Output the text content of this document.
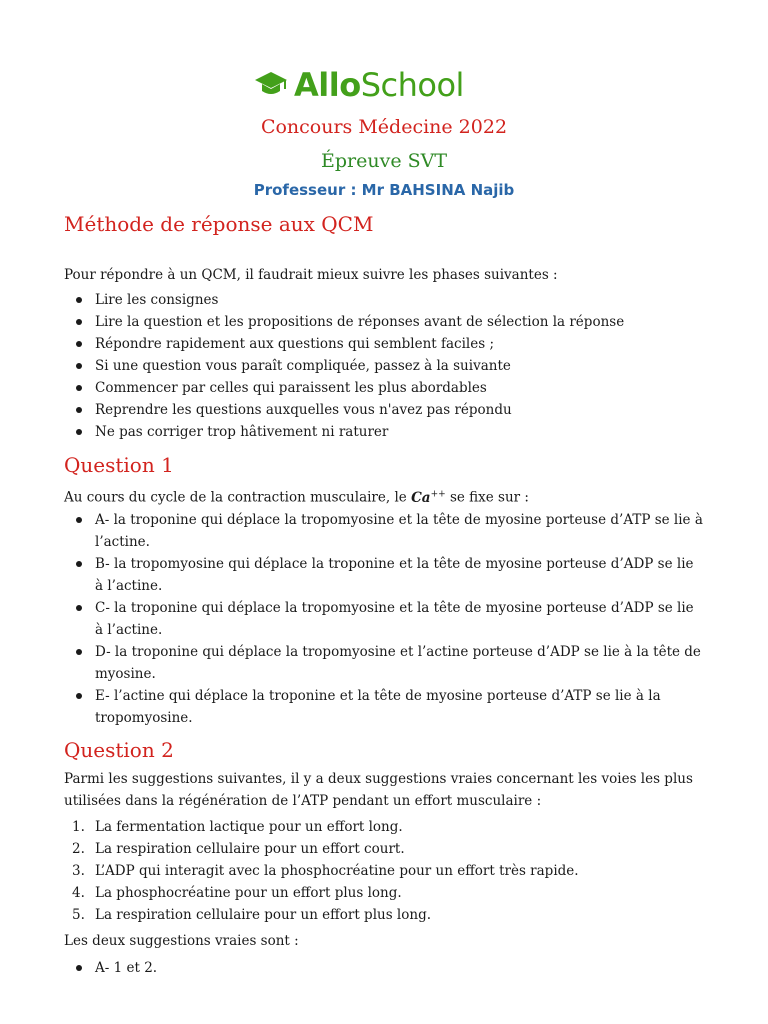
AlloSchool
Concours Médecine 2022
Épreuve SVT
Professeur : Mr BAHSINA Najib
Méthode de réponse aux QCM
Pour répondre à un QCM, il faudrait mieux suivre les phases suivantes :
Lire les consignes
Lire la question et les propositions de réponses avant de sélection la réponse
Répondre rapidement aux questions qui semblent faciles ;
Si une question vous paraît compliquée, passez à la suivante
Commencer par celles qui paraissent les plus abordables
Reprendre les questions auxquelles vous n'avez pas répondu
Ne pas corriger trop hâtivement ni raturer
Question 1
Au cours du cycle de la contraction musculaire, le Ca++ se fixe sur :
A- la troponine qui déplace la tropomyosine et la tête de myosine porteuse d’ATP se lie à l’actine.
B- la tropomyosine qui déplace la troponine et la tête de myosine porteuse d’ADP se lie à l’actine.
C- la troponine qui déplace la tropomyosine et la tête de myosine porteuse d’ADP se lie à l’actine.
D- la troponine qui déplace la tropomyosine et l’actine porteuse d’ADP se lie à la tête de myosine.
E- l’actine qui déplace la troponine et la tête de myosine porteuse d’ATP se lie à la tropomyosine.
Question 2
Parmi les suggestions suivantes, il y a deux suggestions vraies concernant les voies les plus utilisées dans la régénération de l’ATP pendant un effort musculaire :
1. La fermentation lactique pour un effort long.
2. La respiration cellulaire pour un effort court.
3. L’ADP qui interagit avec la phosphocréatine pour un effort très rapide.
4. La phosphocréatine pour un effort plus long.
5. La respiration cellulaire pour un effort plus long.
Les deux suggestions vraies sont :
A- 1 et 2.
